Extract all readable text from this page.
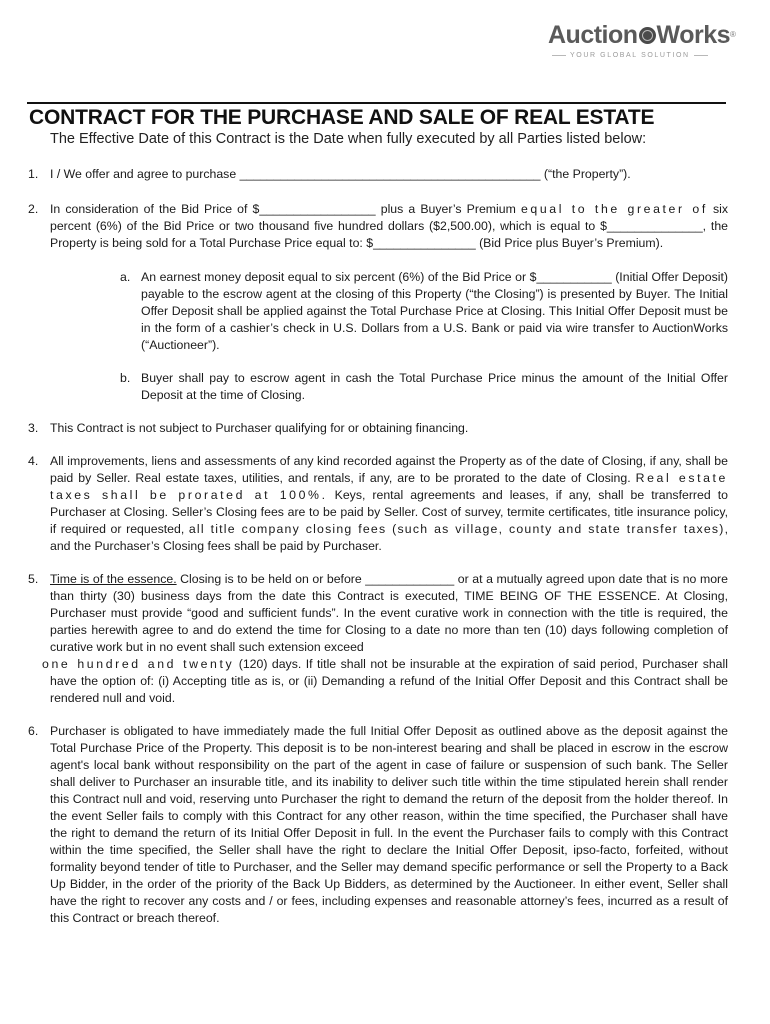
Auction Works®
YOUR GLOBAL SOLUTION
CONTRACT FOR THE PURCHASE AND SALE OF REAL ESTATE
The Effective Date of this Contract is the Date when fully executed by all Parties listed below:

1. I / We offer and agree to purchase ____________________________________________ (“the Property”).

2. In consideration of the Bid Price of $_________________ plus a Buyer’s Premium equal to the greater of six percent (6%) of the Bid Price or two thousand five hundred dollars ($2,500.00), which is equal to $______________, the Property is being sold for a Total Purchase Price equal to: $_______________ (Bid Price plus Buyer’s Premium).

a. An earnest money deposit equal to six percent (6%) of the Bid Price or $___________ (Initial Offer Deposit) payable to the escrow agent at the closing of this Property (“the Closing”) is presented by Buyer. The Initial Offer Deposit shall be applied against the Total Purchase Price at Closing. This Initial Offer Deposit must be in the form of a cashier’s check in U.S. Dollars from a U.S. Bank or paid via wire transfer to AuctionWorks (“Auctioneer”).

b. Buyer shall pay to escrow agent in cash the Total Purchase Price minus the amount of the Initial Offer Deposit at the time of Closing.

3. This Contract is not subject to Purchaser qualifying for or obtaining financing.

4. All improvements, liens and assessments of any kind recorded against the Property as of the date of Closing, if any, shall be paid by Seller. Real estate taxes, utilities, and rentals, if any, are to be prorated to the date of Closing. Real estate taxes shall be prorated at 100%. Keys, rental agreements and leases, if any, shall be transferred to Purchaser at Closing. Seller’s Closing fees are to be paid by Seller. Cost of survey, termite certificates, title insurance policy, if required or requested, all title company closing fees (such as village, county and state transfer taxes), and the Purchaser’s Closing fees shall be paid by Purchaser.

5. Time is of the essence. Closing is to be held on or before _____________ or at a mutually agreed upon date that is no more than thirty (30) business days from the date this Contract is executed, TIME BEING OF THE ESSENCE. At Closing, Purchaser must provide “good and sufficient funds”. In the event curative work in connection with the title is required, the parties herewith agree to and do extend the time for Closing to a date no more than ten (10) days following completion of curative work but in no event shall such extension exceed
one hundred and twenty (120) days. If title shall not be insurable at the expiration of said period, Purchaser shall have the option of: (i) Accepting title as is, or (ii) Demanding a refund of the Initial Offer Deposit and this Contract shall be rendered null and void.

6. Purchaser is obligated to have immediately made the full Initial Offer Deposit as outlined above as the deposit against the Total Purchase Price of the Property. This deposit is to be non-interest bearing and shall be placed in escrow in the escrow agent's local bank without responsibility on the part of the agent in case of failure or suspension of such bank. The Seller shall deliver to Purchaser an insurable title, and its inability to deliver such title within the time stipulated herein shall render this Contract null and void, reserving unto Purchaser the right to demand the return of the deposit from the holder thereof. In the event Seller fails to comply with this Contract for any other reason, within the time specified, the Purchaser shall have the right to demand the return of its Initial Offer Deposit in full. In the event the Purchaser fails to comply with this Contract within the time specified, the Seller shall have the right to declare the Initial Offer Deposit, ipso-facto, forfeited, without formality beyond tender of title to Purchaser, and the Seller may demand specific performance or sell the Property to a Back Up Bidder, in the order of the priority of the Back Up Bidders, as determined by the Auctioneer. In either event, Seller shall have the right to recover any costs and / or fees, including expenses and reasonable attorney’s fees, incurred as a result of this Contract or breach thereof.
